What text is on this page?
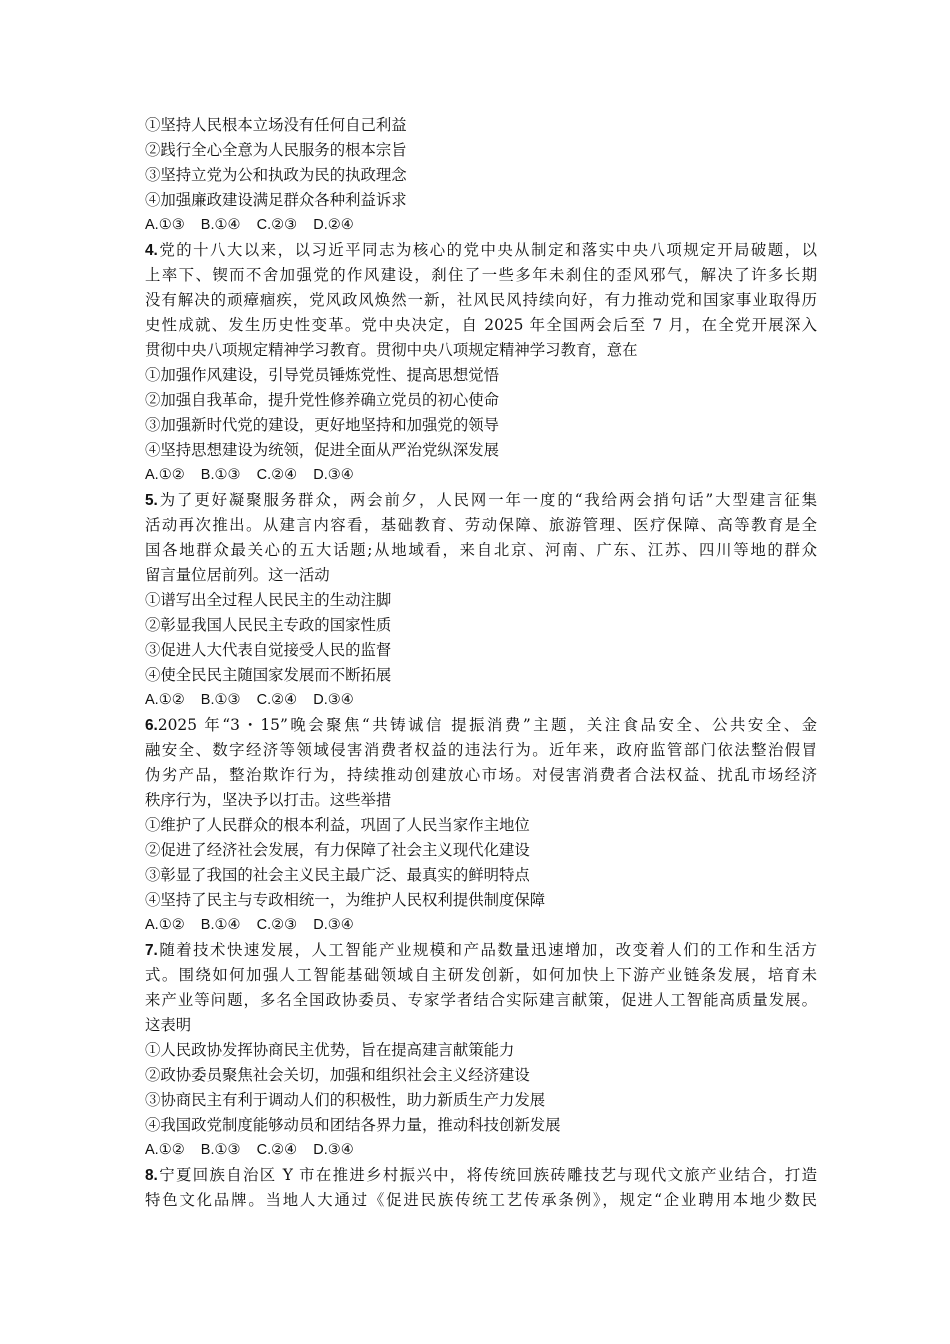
①坚持人民根本立场没有任何自己利益
②践行全心全意为人民服务的根本宗旨
③坚持立党为公和执政为民的执政理念
④加强廉政建设满足群众各种利益诉求
A.①③    B.①④    C.②③    D.②④
4.党的十八大以来，以习近平同志为核心的党中央从制定和落实中央八项规定开局破题，以
上率下、锲而不舍加强党的作风建设，刹住了一些多年未刹住的歪风邪气，解决了许多长期
没有解决的顽瘴痼疾，党风政风焕然一新，社风民风持续向好，有力推动党和国家事业取得历
史性成就、发生历史性变革。党中央决定，自 2025 年全国两会后至 7 月，在全党开展深入
贯彻中央八项规定精神学习教育。贯彻中央八项规定精神学习教育，意在
①加强作风建设，引导党员锤炼党性、提高思想觉悟
②加强自我革命，提升党性修养确立党员的初心使命
③加强新时代党的建设，更好地坚持和加强党的领导
④坚持思想建设为统领，促进全面从严治党纵深发展
A.①②    B.①③    C.②④    D.③④
5.为了更好凝聚服务群众，两会前夕，人民网一年一度的“我给两会捎句话”大型建言征集
活动再次推出。从建言内容看，基础教育、劳动保障、旅游管理、医疗保障、高等教育是全
国各地群众最关心的五大话题;从地域看，来自北京、河南、广东、江苏、四川等地的群众
留言量位居前列。这一活动
①谱写出全过程人民民主的生动注脚
②彰显我国人民民主专政的国家性质
③促进人大代表自觉接受人民的监督
④使全民民主随国家发展而不断拓展
A.①②    B.①③    C.②④    D.③④
6.2025 年“3・15”晚会聚焦“共铸诚信 提振消费”主题，关注食品安全、公共安全、金
融安全、数字经济等领域侵害消费者权益的违法行为。近年来，政府监管部门依法整治假冒
伪劣产品，整治欺诈行为，持续推动创建放心市场。对侵害消费者合法权益、扰乱市场经济
秩序行为，坚决予以打击。这些举措
①维护了人民群众的根本利益，巩固了人民当家作主地位
②促进了经济社会发展，有力保障了社会主义现代化建设
③彰显了我国的社会主义民主最广泛、最真实的鲜明特点
④坚持了民主与专政相统一，为维护人民权利提供制度保障
A.①②    B.①④    C.②③    D.③④
7.随着技术快速发展，人工智能产业规模和产品数量迅速增加，改变着人们的工作和生活方
式。围绕如何加强人工智能基础领域自主研发创新，如何加快上下游产业链条发展，培育未
来产业等问题，多名全国政协委员、专家学者结合实际建言献策，促进人工智能高质量发展。
这表明
①人民政协发挥协商民主优势，旨在提高建言献策能力
②政协委员聚焦社会关切，加强和组织社会主义经济建设
③协商民主有利于调动人们的积极性，助力新质生产力发展
④我国政党制度能够动员和团结各界力量，推动科技创新发展
A.①②    B.①③    C.②④    D.③④
8.宁夏回族自治区 Y 市在推进乡村振兴中，将传统回族砖雕技艺与现代文旅产业结合，打造
特色文化品牌。当地人大通过《促进民族传统工艺传承条例》，规定“企业聘用本地少数民
